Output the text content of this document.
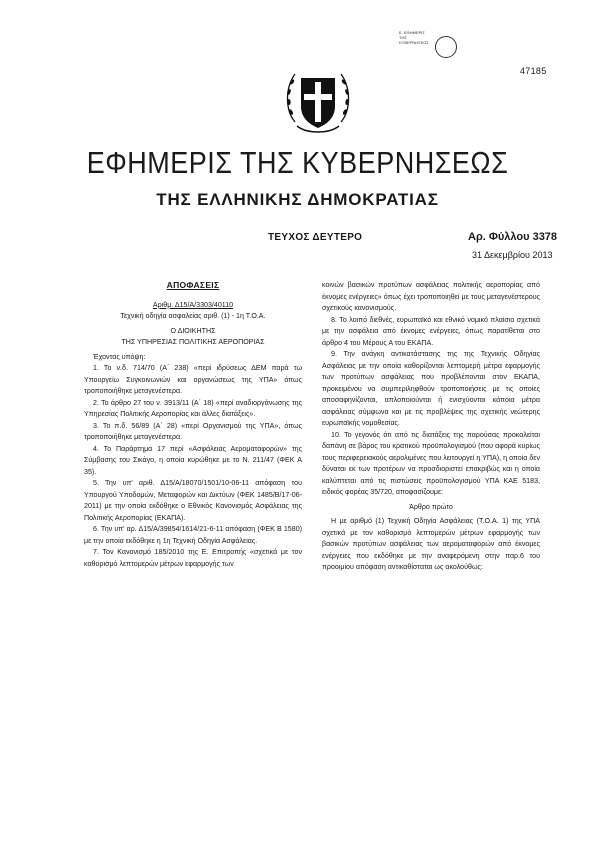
Ε. ΕΦΗΜΕΡΙΣ ΤΗΣ ΚΥΒΕΡΝΗΣΕΩΣ
47185
ΕΦΗΜΕΡΙΣ ΤΗΣ ΚΥΒΕΡΝΗΣΕΩΣ
ΤΗΣ ΕΛΛΗΝΙΚΗΣ ΔΗΜΟΚΡΑΤΙΑΣ
ΤΕΥΧΟΣ ΔΕΥΤΕΡΟ	Αρ. Φύλλου 3378
31 Δεκεμβρίου 2013
ΑΠΟΦΑΣΕΙΣ

Αριθμ. Δ15/Α/3303/40110

Τεχνική οδηγία ασφαλείας αριθ. (1) - 1η Τ.Ο.Α.

Ο ΔΙΟΙΚΗΤΗΣ

ΤΗΣ ΥΠΗΡΕΣΙΑΣ ΠΟΛΙΤΙΚΗΣ ΑΕΡΟΠΟΡΙΑΣ

Έχοντας υπόψη:

1. Το ν.δ. 714/70 (Α΄ 238) «περί ιδρύσεως ΔΕΜ παρά τω Υπουργείω Συγκοινωνιών και οργανώσεως της ΥΠΑ» όπως τροποποιήθηκε μεταγενέστερα.

2. Το άρθρο 27 του ν. 3913/11 (Α΄ 18) «περί αναδιοργάνωσης της Υπηρεσίας Πολιτικής Αεροπορίας και άλλες διατάξεις».

3. Το π.δ. 56/89 (Α΄ 28) «περί Οργανισμού της ΥΠΑ», όπως τροποποιήθηκε μεταγενέστερα.

4. Το Παράρτημα 17 περί «Ασφάλειας Αεροματαφορών» της Σύμβασης του Σικάγο, η οποία κυρώθηκε με το Ν. 211/47 (ΦΕΚ Α 35).

5. Την υπ' αριθ. Δ15/Α/18070/1501/10-06-11 απόφαση του Υπουργού Υποδομών, Μεταφορών και Δικτύων (ΦΕΚ 1485/Β/17-06-2011) με την οποία εκδόθηκε ο Εθνικός Κανονισμός Ασφάλειας της Πολιτικής Αεροπορίας (ΕΚΑΠΑ).

6. Την υπ' αρ. Δ15/Α/39854/1614/21-6-11 απόφαση (ΦΕΚ Β 1580) με την οποία εκδόθηκε η 1η Τεχνική Οδηγία Ασφάλειας.

7. Τον Κανονισμό 185/2010 της Ε. Επιτροπής «σχετικά με τον καθορισμό λεπτομερών μέτρων εφαρμογής των

κοινών βασικών προτύπων ασφάλειας πολιτικής αεροπορίας από έκνομες ενέργειες» όπως έχει τροποποιηθεί με τους μεταγενέστερους σχετικούς κανονισμούς.

8. Το λοιπό διεθνές, ευρωπαϊκό και εθνικό νομικό πλαίσιο σχετικά με την ασφάλεια από έκνομες ενέργειες, όπως παρατίθεται στο άρθρο 4 του Μέρους Α του ΕΚΑΠΑ.

9. Την ανάγκη αντικατάστασης της της Τεχνικής Οδηγίας Ασφάλειας με την οποία καθορίζονται λεπτομερή μέτρα εφαρμογής των προτύπων ασφάλειας που προβλέπονται στον ΕΚΑΠΑ, προκειμένου να συμπεριληφθούν τροποποιήσεις με τις οποίες αποσαφηνίζονται, απλοποιούνται ή ενισχύονται κάποια μέτρα ασφάλειας σύμφωνα και με τις προβλέψεις της σχετικής νεώτερης ευρωπαϊκής νομοθεσίας.

10. Το γεγονός ότι από τις διατάξεις της παρούσας προκαλείται δαπάνη σε βάρος του κρατικού προϋπολογισμού (που αφορά κυρίως τους περιφερειακούς αερολιμένες που λειτουργεί η ΥΠΑ), η οποία δεν δύναται εκ των προτέρων να προσδιοριστεί επακριβώς και η οποία καλύπτεται από τις πιστώσεις προϋπολογισμού ΥΠΑ ΚΑΕ 5183, ειδικός φορέας 35/720, αποφασίζουμε:

Άρθρο πρώτο

Η με αριθμό (1) Τεχνική Οδηγία Ασφάλειας (Τ.Ο.Α. 1) της ΥΠΑ σχετικά με τον καθορισμό λεπτομερών μέτρων εφαρμογής των βασικών προτύπων ασφάλειας των αεροματαφορών από έκνομες ενέργειες που εκδόθηκε με την αναφερόμενη στην παρ.6 του προοιμίου απόφαση αντικαθίσταται ως ακολούθως:
